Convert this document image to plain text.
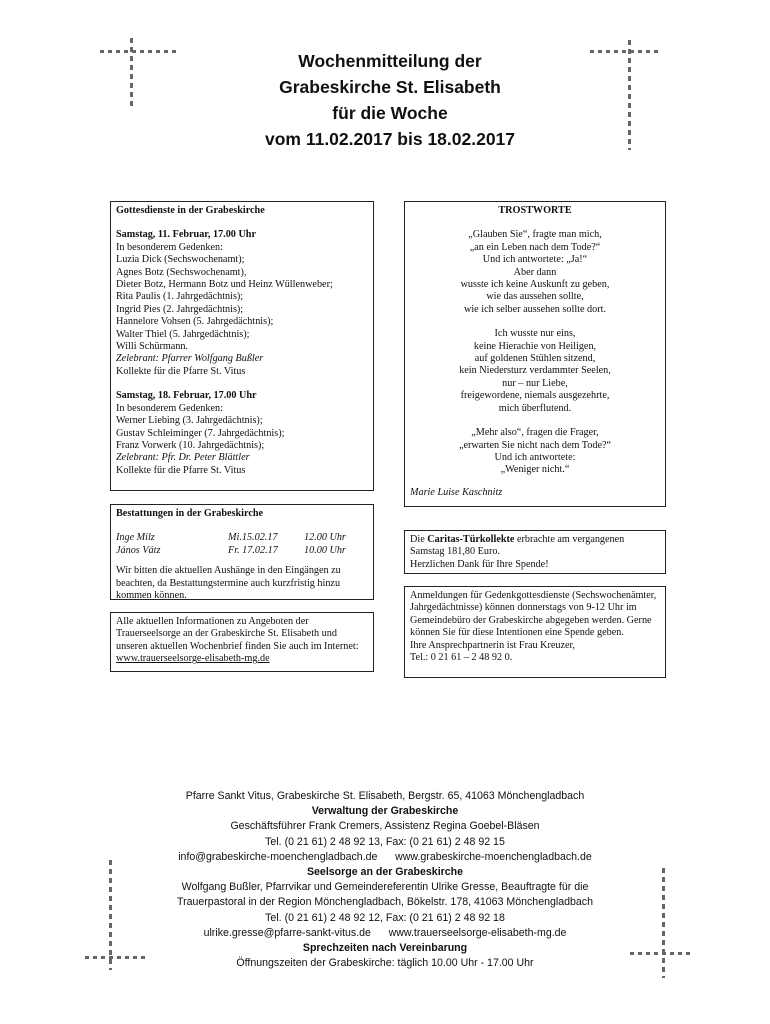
Wochenmitteilung der
Grabeskirche St. Elisabeth
für die Woche
vom 11.02.2017 bis 18.02.2017
Gottesdienste in der Grabeskirche
Samstag, 11. Februar, 17.00 Uhr
In besonderem Gedenken:
Luzia Dick (Sechswochenamt);
Agnes Botz (Sechswochenamt),
Dieter Botz, Hermann Botz und Heinz Wüllenweber;
Rita Paulis (1. Jahrgedächtnis);
Ingrid Pies (2. Jahrgedächtnis);
Hannelore Vohsen (5. Jahrgedächtnis);
Walter Thiel (5. Jahrgedächtnis);
Willi Schürmann.
Zelebrant: Pfarrer Wolfgang Bußler
Kollekte für die Pfarre St. Vitus
Samstag, 18. Februar, 17.00 Uhr
In besonderem Gedenken:
Werner Liebing (3. Jahrgedächtnis);
Gustav Schleiminger (7. Jahrgedächtnis);
Franz Vorwerk (10. Jahrgedächtnis);
Zelebrant: Pfr. Dr. Peter Blättler
Kollekte für die Pfarre St. Vitus
TROSTWORTE
„Glauben Sie“, fragte man mich,
„an ein Leben nach dem Tode?“
Und ich antwortete: „Ja!“
Aber dann
wusste ich keine Auskunft zu geben,
wie das aussehen sollte,
wie ich selber aussehen sollte dort.
Ich wusste nur eins,
keine Hierachie von Heiligen,
auf goldenen Stühlen sitzend,
kein Niedersturz verdammter Seelen,
nur – nur Liebe,
freigewordene, niemals ausgezehrte,
mich überflutend.
„Mehr also“, fragen die Frager,
„erwarten Sie nicht nach dem Tode?“
Und ich antwortete:
„Weniger nicht.“
Marie Luise Kaschnitz
Bestattungen in der Grabeskirche
Inge Milz	Mi.15.02.17	12.00 Uhr
János Vátz	Fr. 17.02.17	10.00 Uhr
Wir bitten die aktuellen Aushänge in den Eingängen zu beachten, da Bestattungstermine auch kurzfristig hinzu kommen können.
Alle aktuellen Informationen zu Angeboten der Trauerseelsorge an der Grabeskirche St. Elisabeth und unseren aktuellen Wochenbrief finden Sie auch im Internet: www.trauerseelsorge-elisabeth-mg.de
Die Caritas-Türkollekte erbrachte am vergangenen Samstag 181,80 Euro.
Herzlichen Dank für Ihre Spende!
Anmeldungen für Gedenkgottesdienste (Sechswochenämter, Jahrgedächtnisse) können donnerstags von 9-12 Uhr im Gemeindebüro der Grabeskirche abgegeben werden. Gerne können Sie für diese Intentionen eine Spende geben.
Ihre Ansprechpartnerin ist Frau Kreuzer,
Tel.: 0 21 61 – 2 48 92 0.
Pfarre Sankt Vitus, Grabeskirche St. Elisabeth, Bergstr. 65, 41063 Mönchengladbach
Verwaltung der Grabeskirche
Geschäftsführer Frank Cremers, Assistenz Regina Goebel-Bläsen
Tel. (0 21 61) 2 48 92 13, Fax: (0 21 61) 2 48 92 15
info@grabeskirche-moenchengladbach.de www.grabeskirche-moenchengladbach.de
Seelsorge an der Grabeskirche
Wolfgang Bußler, Pfarrvikar und Gemeindereferentin Ulrike Gresse, Beauftragte für die
Trauerpastoral in der Region Mönchengladbach, Bökelstr. 178, 41063 Mönchengladbach
Tel. (0 21 61) 2 48 92 12, Fax: (0 21 61) 2 48 92 18
ulrike.gresse@pfarre-sankt-vitus.de www.trauerseelsorge-elisabeth-mg.de
Sprechzeiten nach Vereinbarung
Öffnungszeiten der Grabeskirche: täglich 10.00 Uhr - 17.00 Uhr
